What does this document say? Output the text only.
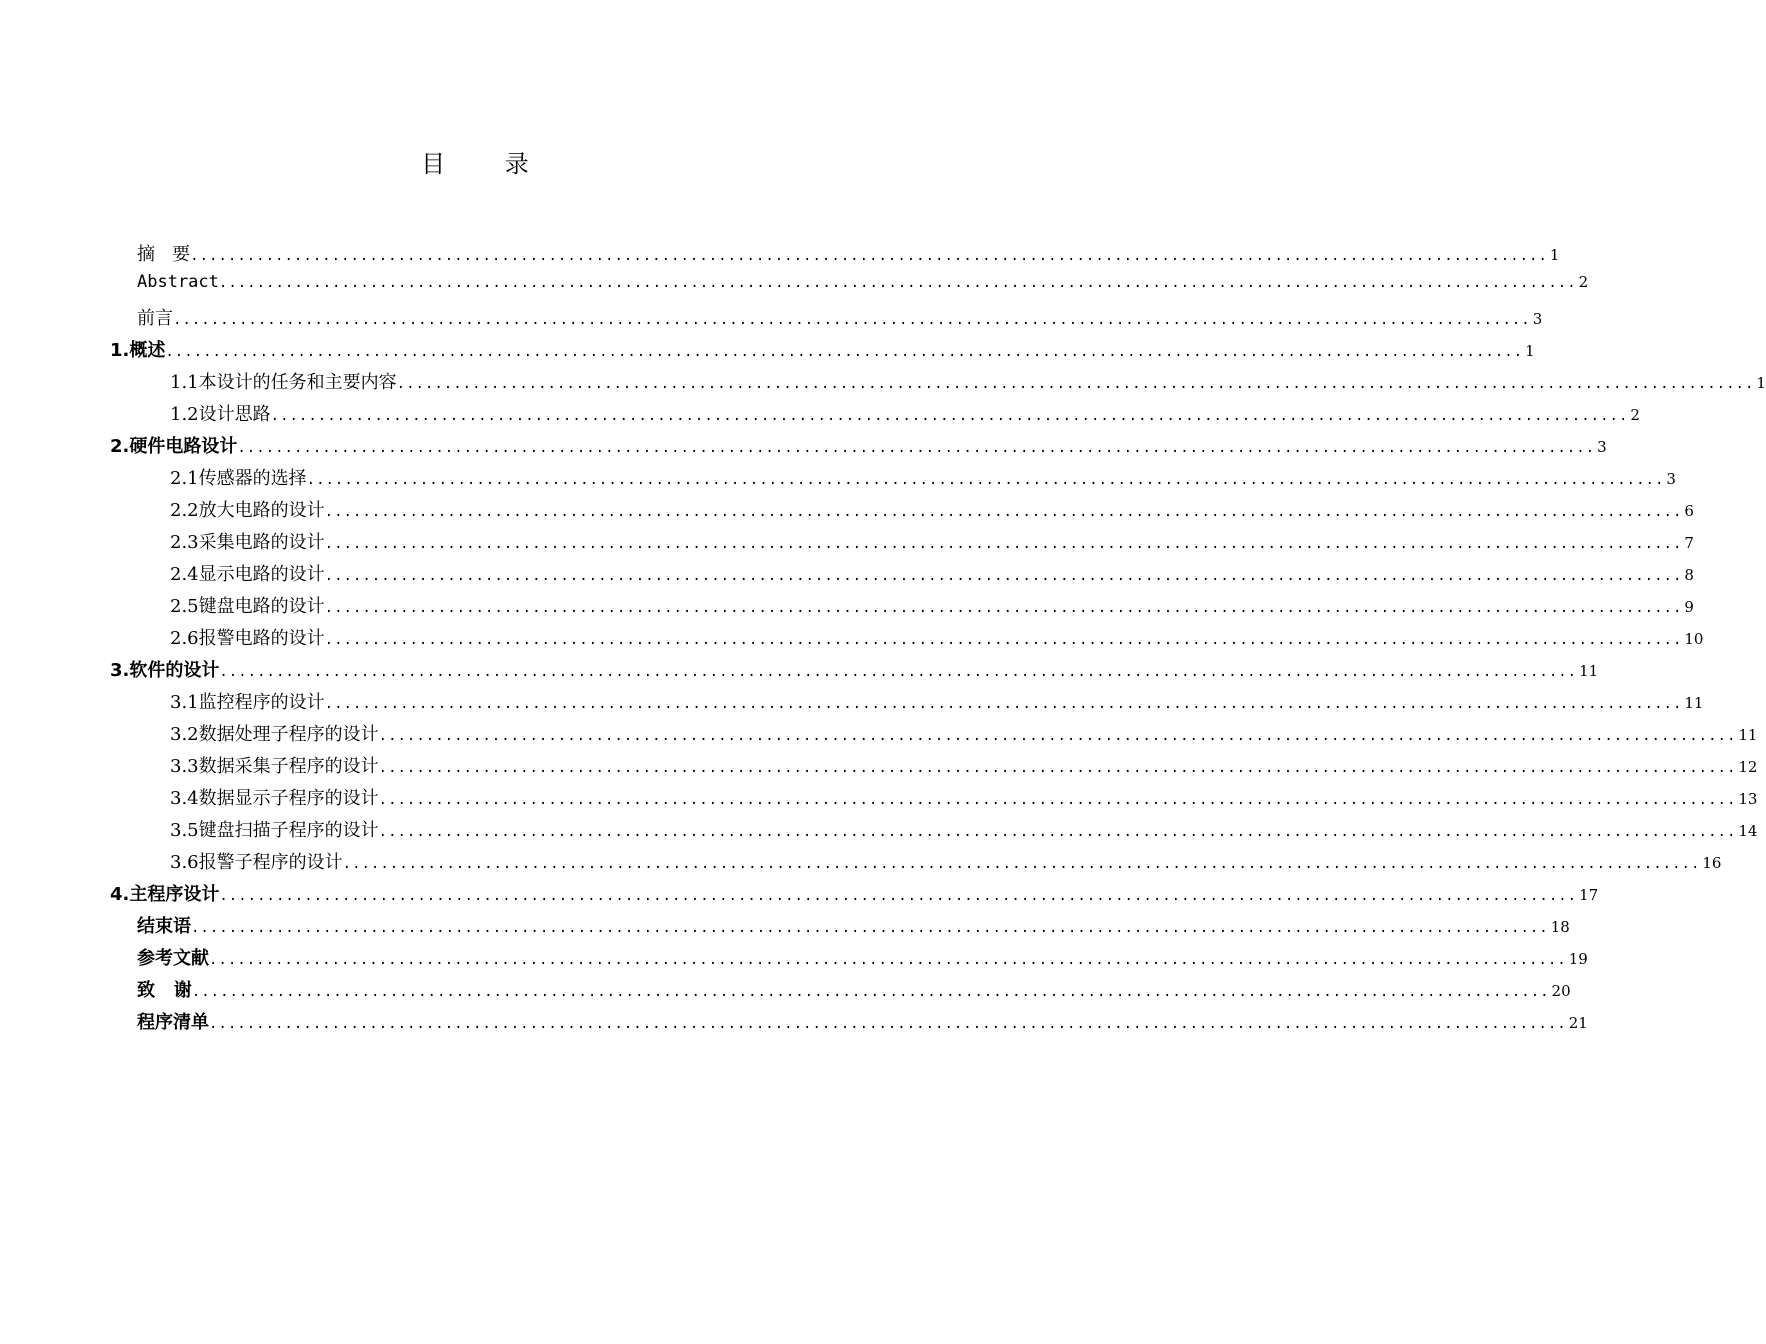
目 录
摘   要 ................................................................................................................................................ 1
Abstract ................................................................................................................................................ 2
前言 ................................................................................................................................................ 3
1.概述 ................................................................................................................................................ 1
1.1 本设计的任务和主要内容 ................................................................................................................................................ 1
1.2 设计思路 ................................................................................................................................................ 2
2.硬件电路设计 ................................................................................................................................................ 3
2.1 传感器的选择 ................................................................................................................................................ 3
2.2 放大电路的设计 ................................................................................................................................................ 6
2.3 采集电路的设计 ................................................................................................................................................ 7
2.4 显示电路的设计 ................................................................................................................................................ 8
2.5 键盘电路的设计 ................................................................................................................................................ 9
2.6 报警电路的设计 ................................................................................................................................................ 10
3.软件的设计 ................................................................................................................................................ 11
3.1 监控程序的设计 ................................................................................................................................................ 11
3.2 数据处理子程序的设计 ................................................................................................................................................ 11
3.3 数据采集子程序的设计 ................................................................................................................................................ 12
3.4 数据显示子程序的设计 ................................................................................................................................................ 13
3.5 键盘扫描子程序的设计 ................................................................................................................................................ 14
3.6 报警子程序的设计 ................................................................................................................................................ 16
4. 主程序设计 ................................................................................................................................................ 17
结束语 ................................................................................................................................................ 18
参考文献 ................................................................................................................................................ 19
致   谢 ................................................................................................................................................ 20
程序清单 ................................................................................................................................................ 21
